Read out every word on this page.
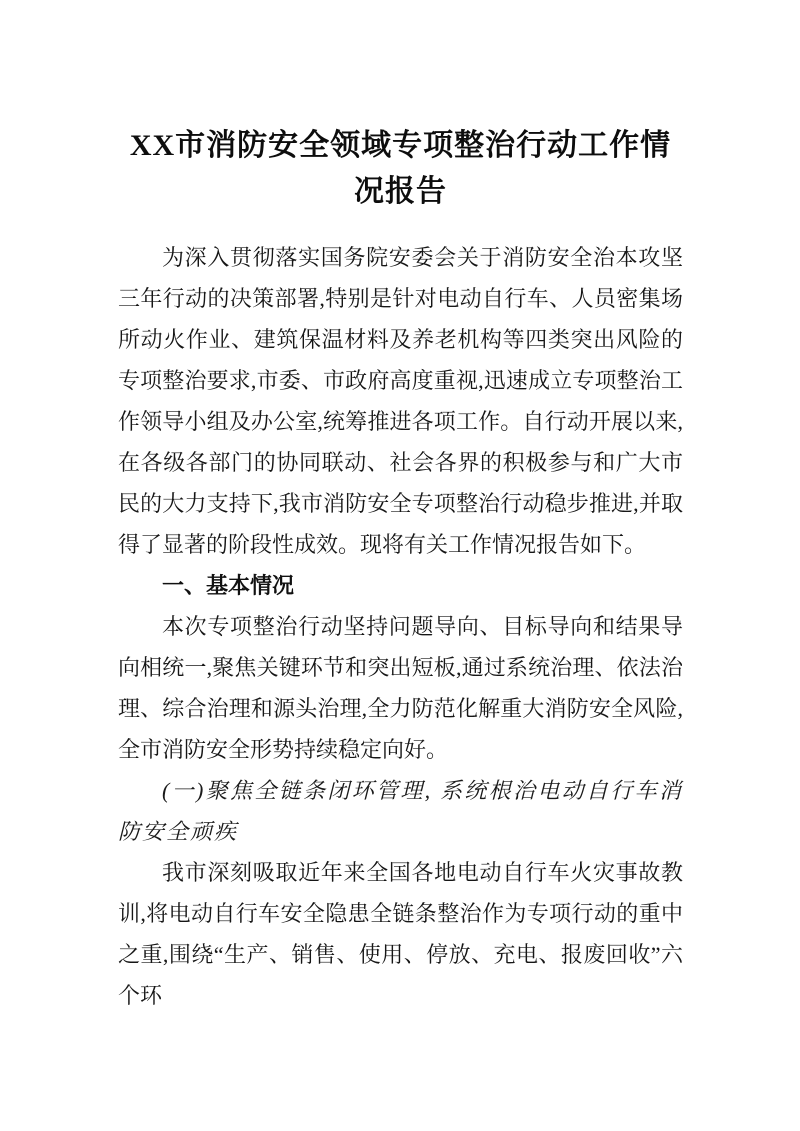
XX市消防安全领域专项整治行动工作情况报告

为深入贯彻落实国务院安委会关于消防安全治本攻坚三年行动的决策部署,特别是针对电动自行车、人员密集场所动火作业、建筑保温材料及养老机构等四类突出风险的专项整治要求,市委、市政府高度重视,迅速成立专项整治工作领导小组及办公室,统筹推进各项工作。自行动开展以来,在各级各部门的协同联动、社会各界的积极参与和广大市民的大力支持下,我市消防安全专项整治行动稳步推进,并取得了显著的阶段性成效。现将有关工作情况报告如下。

一、基本情况

本次专项整治行动坚持问题导向、目标导向和结果导向相统一,聚焦关键环节和突出短板,通过系统治理、依法治理、综合治理和源头治理,全力防范化解重大消防安全风险,全市消防安全形势持续稳定向好。

(一)聚焦全链条闭环管理, 系统根治电动自行车消防安全顽疾

我市深刻吸取近年来全国各地电动自行车火灾事故教训,将电动自行车安全隐患全链条整治作为专项行动的重中之重,围绕“生产、销售、使用、停放、充电、报废回收”六个环
